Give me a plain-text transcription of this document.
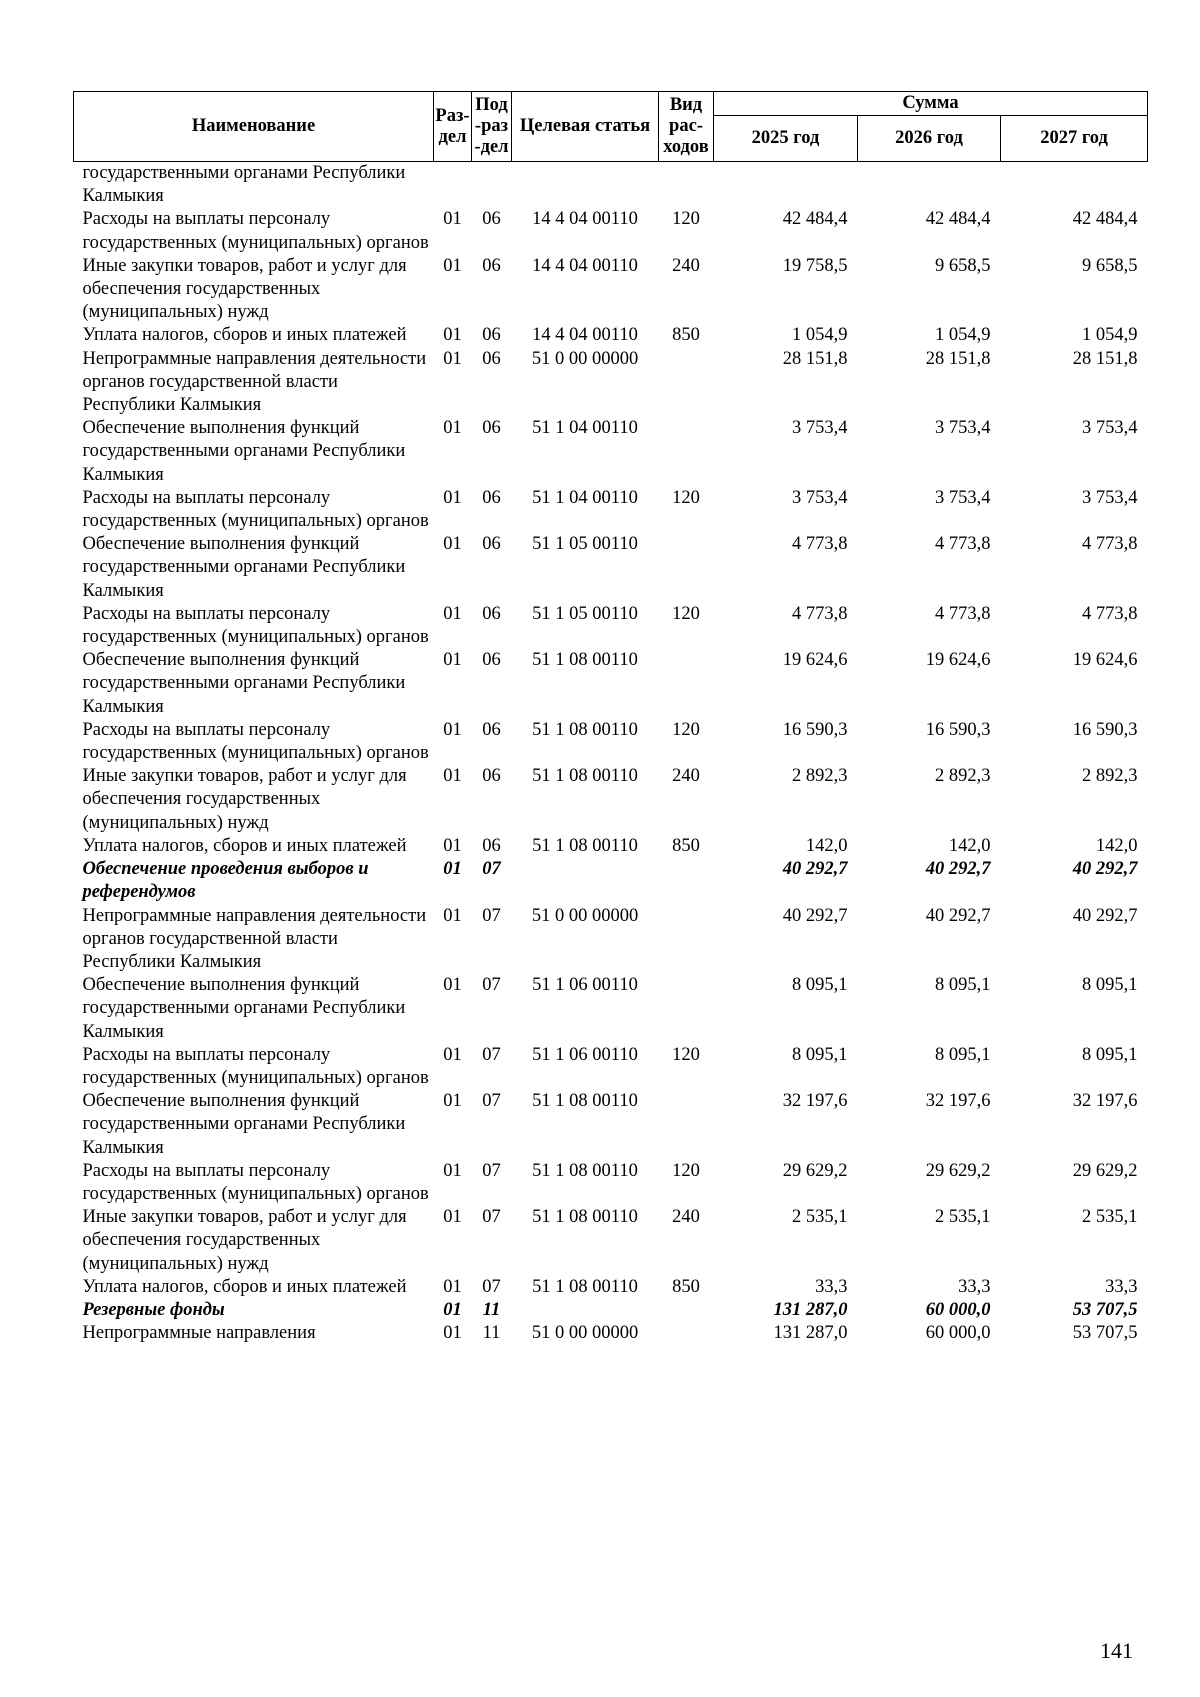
Наименование	Раз-дел	Под-раз-дел	Целевая статья	Вид рас-ходов	Сумма		
					2025 год	2026 год	2027 год
государственными органами Республики Калмыкия							
Расходы на выплаты персоналу государственных (муниципальных) органов	01	06	14 4 04 00110	120	42 484,4	42 484,4	42 484,4
Иные закупки товаров, работ и услуг для обеспечения государственных (муниципальных) нужд	01	06	14 4 04 00110	240	19 758,5	9 658,5	9 658,5
Уплата налогов, сборов и иных платежей	01	06	14 4 04 00110	850	1 054,9	1 054,9	1 054,9
Непрограммные направления деятельности органов государственной власти Республики Калмыкия	01	06	51 0 00 00000		28 151,8	28 151,8	28 151,8
Обеспечение выполнения функций государственными органами Республики Калмыкия	01	06	51 1 04 00110		3 753,4	3 753,4	3 753,4
Расходы на выплаты персоналу государственных (муниципальных) органов	01	06	51 1 04 00110	120	3 753,4	3 753,4	3 753,4
Обеспечение выполнения функций государственными органами Республики Калмыкия	01	06	51 1 05 00110		4 773,8	4 773,8	4 773,8
Расходы на выплаты персоналу государственных (муниципальных) органов	01	06	51 1 05 00110	120	4 773,8	4 773,8	4 773,8
Обеспечение выполнения функций государственными органами Республики Калмыкия	01	06	51 1 08 00110		19 624,6	19 624,6	19 624,6
Расходы на выплаты персоналу государственных (муниципальных) органов	01	06	51 1 08 00110	120	16 590,3	16 590,3	16 590,3
Иные закупки товаров, работ и услуг для обеспечения государственных (муниципальных) нужд	01	06	51 1 08 00110	240	2 892,3	2 892,3	2 892,3
Уплата налогов, сборов и иных платежей	01	06	51 1 08 00110	850	142,0	142,0	142,0
Обеспечение проведения выборов и референдумов	01	07			40 292,7	40 292,7	40 292,7
Непрограммные направления деятельности органов государственной власти Республики Калмыкия	01	07	51 0 00 00000		40 292,7	40 292,7	40 292,7
Обеспечение выполнения функций государственными органами Республики Калмыкия	01	07	51 1 06 00110		8 095,1	8 095,1	8 095,1
Расходы на выплаты персоналу государственных (муниципальных) органов	01	07	51 1 06 00110	120	8 095,1	8 095,1	8 095,1
Обеспечение выполнения функций государственными органами Республики Калмыкия	01	07	51 1 08 00110		32 197,6	32 197,6	32 197,6
Расходы на выплаты персоналу государственных (муниципальных) органов	01	07	51 1 08 00110	120	29 629,2	29 629,2	29 629,2
Иные закупки товаров, работ и услуг для обеспечения государственных (муниципальных) нужд	01	07	51 1 08 00110	240	2 535,1	2 535,1	2 535,1
Уплата налогов, сборов и иных платежей	01	07	51 1 08 00110	850	33,3	33,3	33,3
Резервные фонды	01	11			131 287,0	60 000,0	53 707,5
Непрограммные направления	01	11	51 0 00 00000		131 287,0	60 000,0	53 707,5
141
